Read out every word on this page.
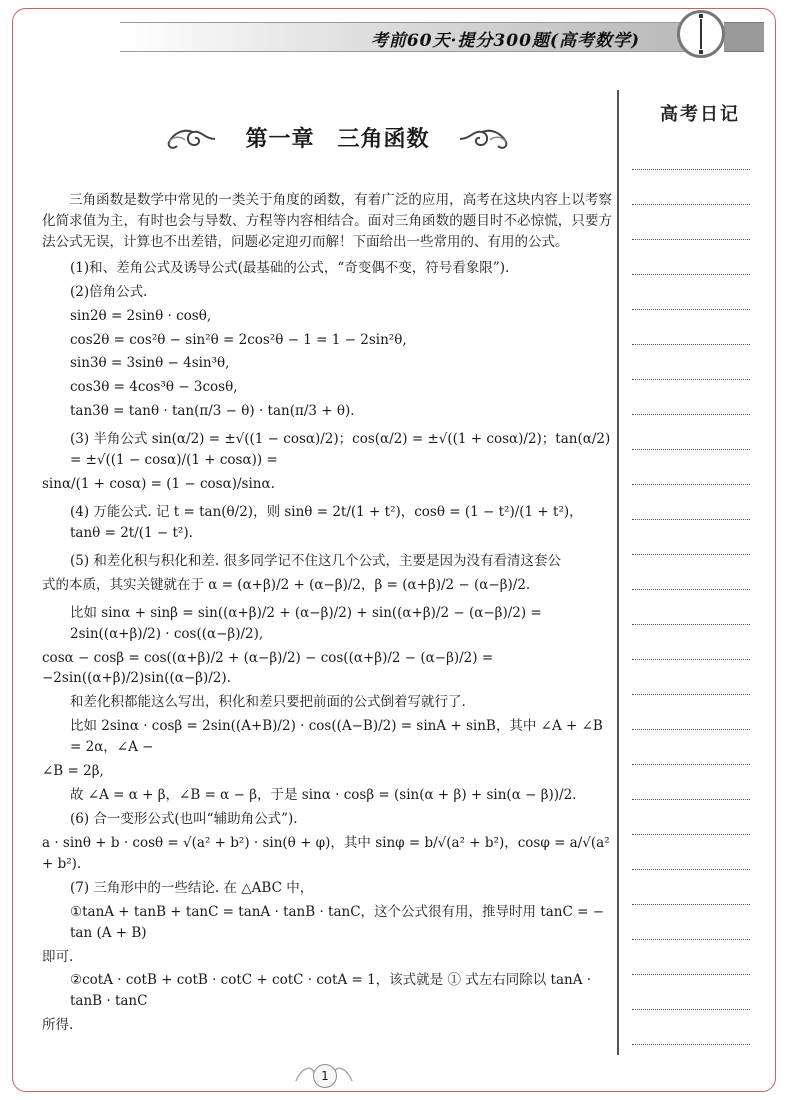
考前60天·提分300题(高考数学)
高考日记
第一章　三角函数

三角函数是数学中常见的一类关于角度的函数，有着广泛的应用，高考在这块内容上以考察化简求值为主，有时也会与导数、方程等内容相结合。面对三角函数的题目时不必惊慌，只要方法公式无误，计算也不出差错，问题必定迎刃而解！下面给出一些常用的、有用的公式。

(1)和、差角公式及诱导公式(最基础的公式，“奇变偶不变，符号看象限”).
(2)倍角公式.
sin2θ = 2sinθ · cosθ,
cos2θ = cos²θ − sin²θ = 2cos²θ − 1 = 1 − 2sin²θ,
sin3θ = 3sinθ − 4sin³θ,
cos3θ = 4cos³θ − 3cosθ,
tan3θ = tanθ · tan(π/3 − θ) · tan(π/3 + θ).
(3) 半角公式 sin(α/2) = ±√((1 − cosα)/2)；cos(α/2) = ±√((1 + cosα)/2)；tan(α/2) = ±√((1 − cosα)/(1 + cosα)) =
sinα/(1 + cosα) = (1 − cosα)/sinα.
(4) 万能公式. 记 t = tan(θ/2)，则 sinθ = 2t/(1 + t²)，cosθ = (1 − t²)/(1 + t²)，tanθ = 2t/(1 − t²).
(5) 和差化积与积化和差. 很多同学记不住这几个公式，主要是因为没有看清这套公
式的本质，其实关键就在于 α = (α+β)/2 + (α−β)/2，β = (α+β)/2 − (α−β)/2.
比如 sinα + sinβ = sin((α+β)/2 + (α−β)/2) + sin((α+β)/2 − (α−β)/2) = 2sin((α+β)/2) · cos((α−β)/2),
cosα − cosβ = cos((α+β)/2 + (α−β)/2) − cos((α+β)/2 − (α−β)/2) = −2sin((α+β)/2)sin((α−β)/2).
和差化积都能这么写出，积化和差只要把前面的公式倒着写就行了.
比如 2sinα · cosβ = 2sin((A+B)/2) · cos((A−B)/2) = sinA + sinB，其中 ∠A + ∠B = 2α，∠A −
∠B = 2β,
故 ∠A = α + β，∠B = α − β，于是 sinα · cosβ = (sin(α + β) + sin(α − β))/2.
(6) 合一变形公式(也叫“辅助角公式”).
a · sinθ + b · cosθ = √(a² + b²) · sin(θ + φ)，其中 sinφ = b/√(a² + b²)，cosφ = a/√(a² + b²).
(7) 三角形中的一些结论. 在 △ABC 中，
①tanA + tanB + tanC = tanA · tanB · tanC，这个公式很有用，推导时用 tanC = − tan (A + B)
即可.
②cotA · cotB + cotB · cotC + cotC · cotA = 1，该式就是 ① 式左右同除以 tanA · tanB · tanC
所得.
1
